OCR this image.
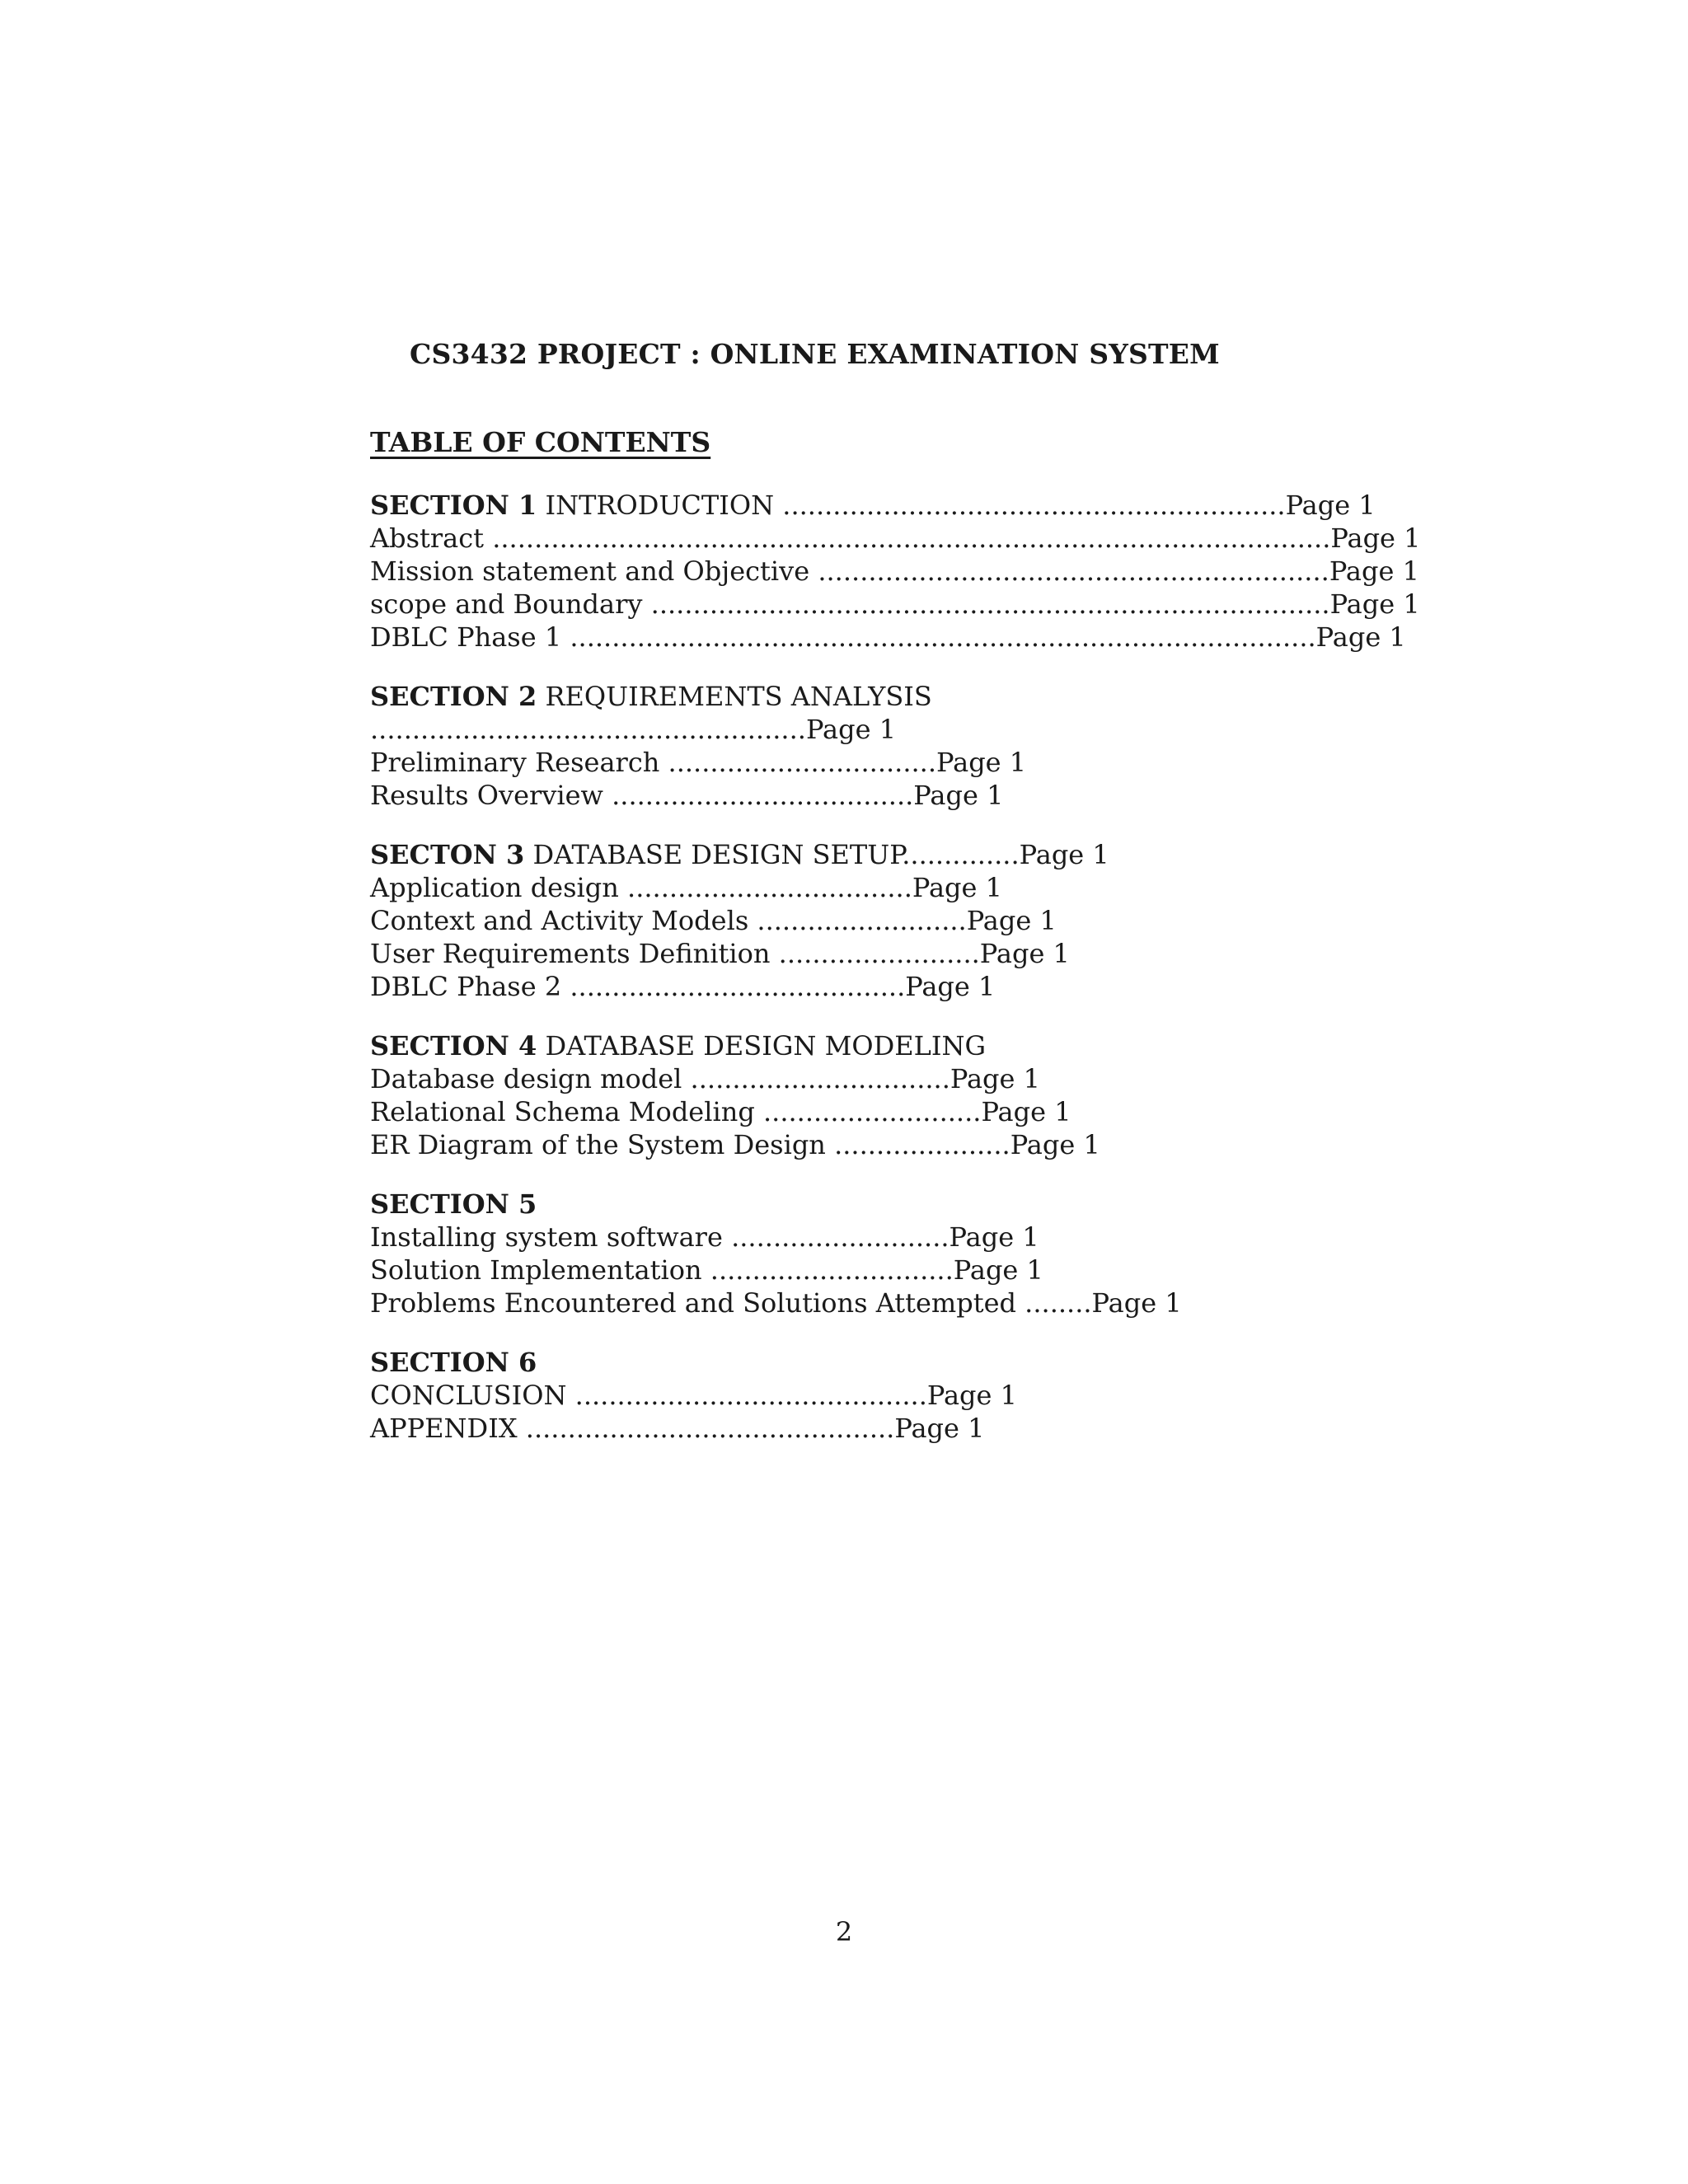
CS3432 PROJECT : ONLINE EXAMINATION SYSTEM
TABLE OF CONTENTS
SECTION 1 INTRODUCTION ............................................................Page 1
Abstract ....................................................................................................Page 1
Mission statement and Objective .............................................................Page 1
scope and Boundary .................................................................................Page 1
DBLC Phase 1 .........................................................................................Page 1
SECTION 2 REQUIREMENTS ANALYSIS
....................................................Page 1
Preliminary Research ................................Page 1
Results Overview ....................................Page 1
SECTON 3 DATABASE DESIGN SETUP..............Page 1
Application design ..................................Page 1
Context and Activity Models .........................Page 1
User Requirements Definition ........................Page 1
DBLC Phase 2 ........................................Page 1
SECTION 4 DATABASE DESIGN MODELING
Database design model ...............................Page 1
Relational Schema Modeling ..........................Page 1
ER Diagram of the System Design .....................Page 1
SECTION 5
Installing system software ..........................Page 1
Solution Implementation .............................Page 1
Problems Encountered and Solutions Attempted ........Page 1
SECTION 6
CONCLUSION ..........................................Page 1
APPENDIX ............................................Page 1
2
